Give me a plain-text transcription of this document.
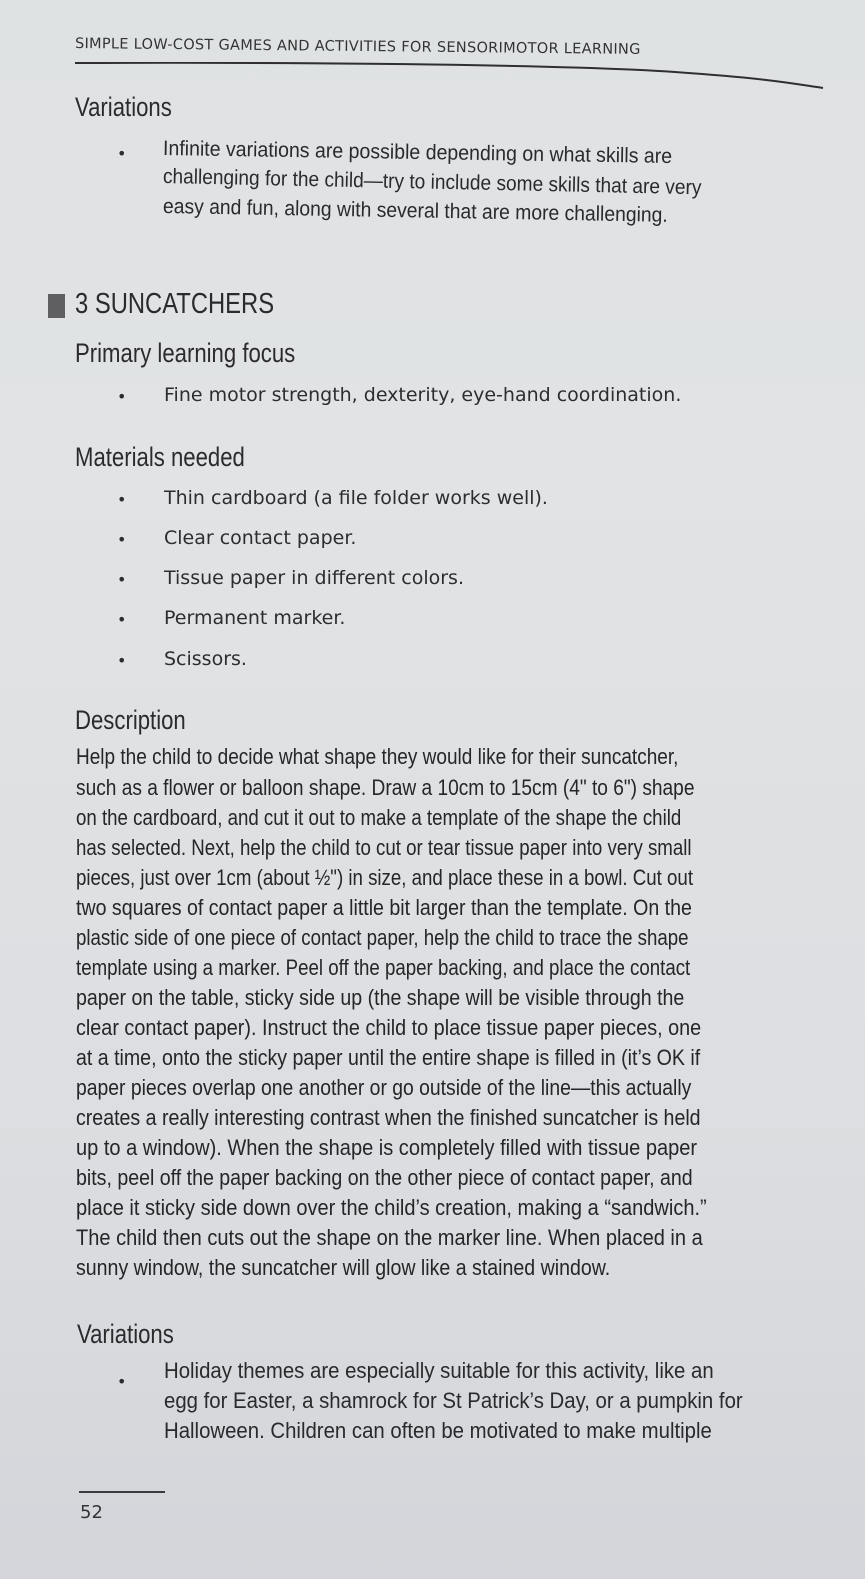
SIMPLE LOW-COST GAMES AND ACTIVITIES FOR SENSORIMOTOR LEARNING
Variations
• Infinite variations are possible depending on what skills are
challenging for the child—try to include some skills that are very
easy and fun, along with several that are more challenging.
3 SUNCATCHERS
Primary learning focus
• Fine motor strength, dexterity, eye-hand coordination.
Materials needed
• Thin cardboard (a file folder works well).
• Clear contact paper.
• Tissue paper in different colors.
• Permanent marker.
• Scissors.
Description
Help the child to decide what shape they would like for their suncatcher,
such as a flower or balloon shape. Draw a 10cm to 15cm (4" to 6") shape
on the cardboard, and cut it out to make a template of the shape the child
has selected. Next, help the child to cut or tear tissue paper into very small
pieces, just over 1cm (about ½") in size, and place these in a bowl. Cut out
two squares of contact paper a little bit larger than the template. On the
plastic side of one piece of contact paper, help the child to trace the shape
template using a marker. Peel off the paper backing, and place the contact
paper on the table, sticky side up (the shape will be visible through the
clear contact paper). Instruct the child to place tissue paper pieces, one
at a time, onto the sticky paper until the entire shape is filled in (it’s OK if
paper pieces overlap one another or go outside of the line—this actually
creates a really interesting contrast when the finished suncatcher is held
up to a window). When the shape is completely filled with tissue paper
bits, peel off the paper backing on the other piece of contact paper, and
place it sticky side down over the child’s creation, making a “sandwich.”
The child then cuts out the shape on the marker line. When placed in a
sunny window, the suncatcher will glow like a stained window.
Variations
• Holiday themes are especially suitable for this activity, like an
egg for Easter, a shamrock for St Patrick’s Day, or a pumpkin for
Halloween. Children can often be motivated to make multiple
52
